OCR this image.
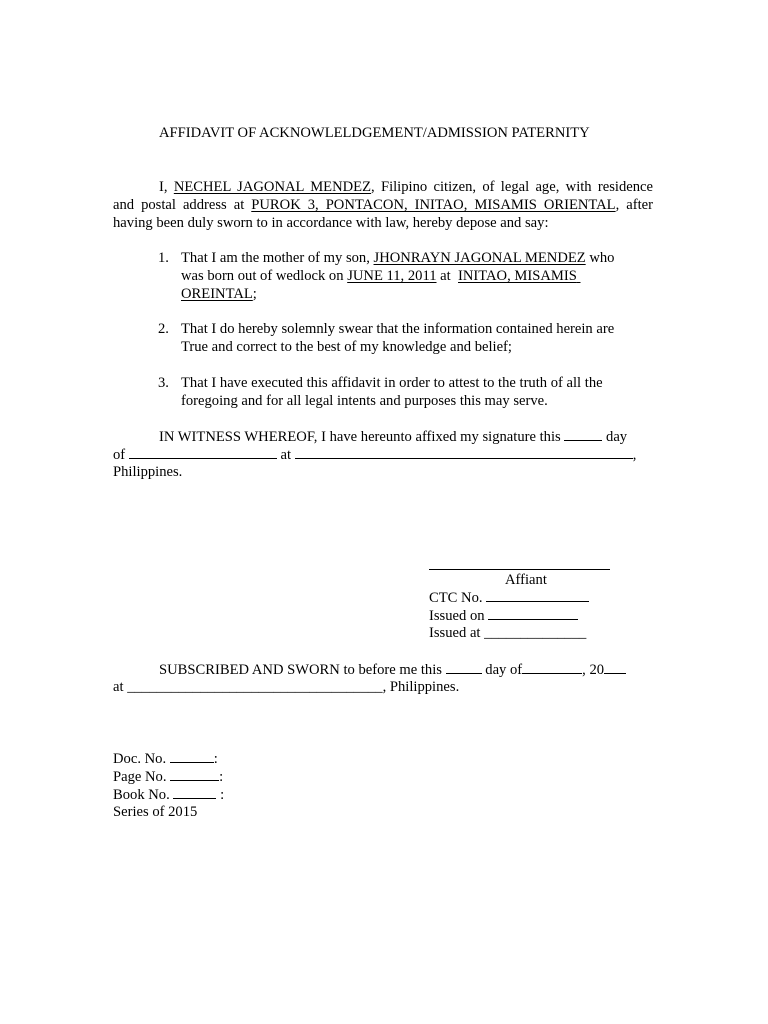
AFFIDAVIT OF ACKNOWLELDGEMENT/ADMISSION PATERNITY
I, NECHEL JAGONAL MENDEZ, Filipino citizen, of legal age, with residence
and postal address at PUROK 3, PONTACON, INITAO, MISAMIS ORIENTAL, after
having been duly sworn to in accordance with law, hereby depose and say:
1. That I am the mother of my son, JHONRAYN JAGONAL MENDEZ who
was born out of wedlock on JUNE 11, 2011 at INITAO, MISAMIS
OREINTAL;
2. That I do hereby solemnly swear that the information contained herein are
True and correct to the best of my knowledge and belief;
3. That I have executed this affidavit in order to attest to the truth of all the
foregoing and for all legal intents and purposes this may serve.
IN WITNESS WHEREOF, I have hereunto affixed my signature this	day
of	at	,
Philippines.
Affiant
CTC No.
Issued on
Issued at ______________
SUBSCRIBED AND SWORN to before me this	day of	, 20
at ___________________________________, Philippines.
Doc. No.	:
Page No.	:
Book No.	:
Series of 2015
